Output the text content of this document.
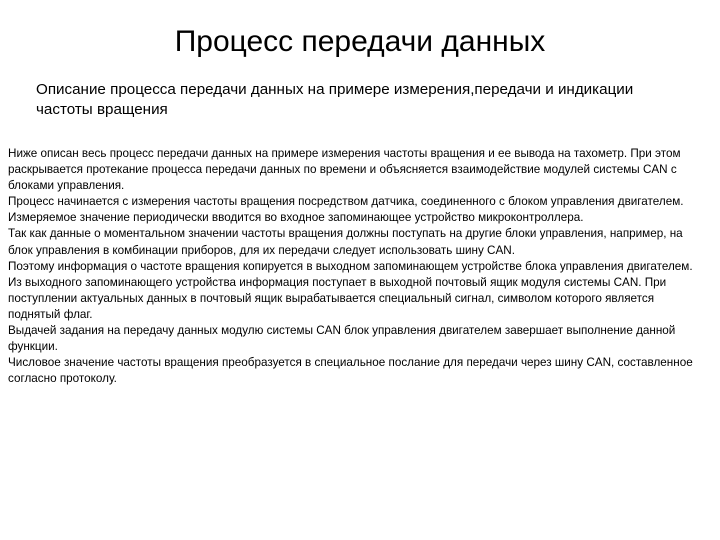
Процесс передачи данных

Описание процесса передачи данных на примере измерения,передачи и индикации частоты вращения

Ниже описан весь процесс передачи данных на примере измерения частоты вращения и ее вывода на тахометр. При этом раскрывается протекание процесса передачи данных по времени и объясняется взаимодействие модулей системы CAN с блоками управления.

Процесс начинается с измерения частоты вращения посредством датчика, соединенного с блоком управления двигателем.

Измеряемое значение периодически вводится во входное запоминающее устройство микроконтроллера.

Так как данные о моментальном значении частоты вращения должны поступать на другие блоки управления, например, на блок управления в комбинации приборов, для их передачи следует использовать шину CAN.

Поэтому информация о частоте вращения копируется в выходном запоминающем устройстве блока управления двигателем.

Из выходного запоминающего устройства информация поступает в выходной почтовый ящик модуля системы CAN. При поступлении актуальных данных в почтовый ящик вырабатывается специальный сигнал, символом которого является поднятый флаг.

Выдачей задания на передачу данных модулю системы CAN блок управления двигателем завершает выполнение данной функции.

Числовое значение частоты вращения преобразуется в специальное послание для передачи через шину CAN, составленное согласно протоколу.
